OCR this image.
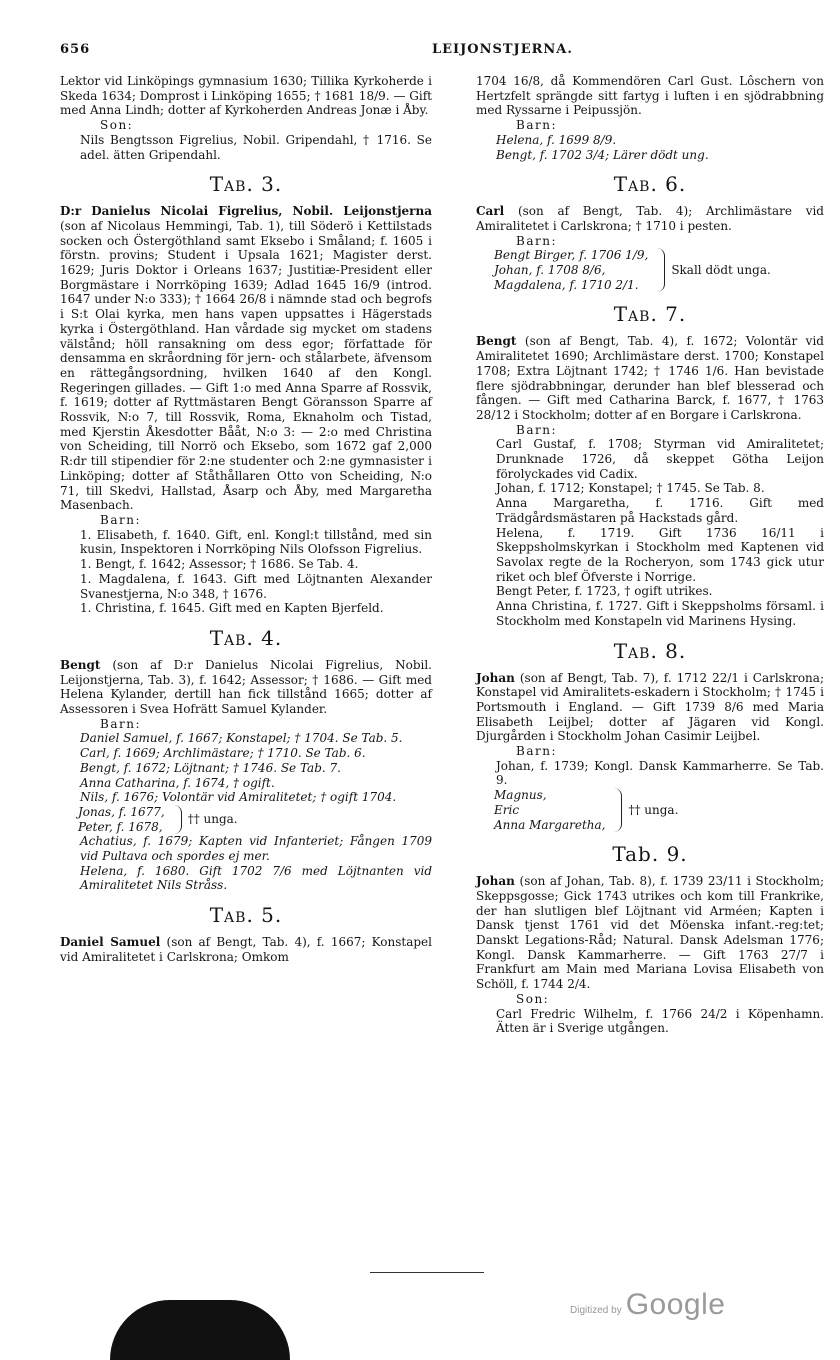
656	LEIJONSTJERNA.

Lektor vid Linköpings gymnasium 1630; Tillika Kyrkoherde i Skeda 1634; Domprost i Linköping 1655; † 1681 18/9. — Gift med Anna Lindh; dotter af Kyrkoherden Andreas Jonæ i Åby.

Son:

Nils Bengtsson Figrelius, Nobil. Gripendahl, † 1716. Se adel. ätten Gripendahl.

Tab. 3.

D:r Danielus Nicolai Figrelius, Nobil. Leijonstjerna (son af Nicolaus Hemmingi, Tab. 1), till Söderö i Kettilstads socken och Östergöthland samt Eksebo i Småland; f. 1605 i förstn. provins; Student i Upsala 1621; Magister derst. 1629; Juris Doktor i Orleans 1637; Justitiæ-President eller Borgmästare i Norrköping 1639; Adlad 1645 16/9 (introd. 1647 under N:o 333); † 1664 26/8 i nämnde stad och begrofs i S:t Olai kyrka, men hans vapen uppsattes i Hägerstads kyrka i Östergöthland. Han vårdade sig mycket om stadens välstånd; höll ransakning om dess egor; författade för densamma en skråordning för jern- och stålarbete, äfvensom en rättegångsordning, hvilken 1640 af den Kongl. Regeringen gillades. — Gift 1:o med Anna Sparre af Rossvik, f. 1619; dotter af Ryttmästaren Bengt Göransson Sparre af Rossvik, N:o 7, till Rossvik, Roma, Eknaholm och Tistad, med Kjerstin Åkesdotter Bååt, N:o 3: — 2:o med Christina von Scheiding, till Norrö och Eksebo, som 1672 gaf 2,000 R:dr till stipendier för 2:ne studenter och 2:ne gymnasister i Linköping; dotter af Ståthållaren Otto von Scheiding, N:o 71, till Skedvi, Hallstad, Åsarp och Åby, med Margaretha Masenbach.

Barn:

1. Elisabeth, f. 1640. Gift, enl. Kongl:t tillstånd, med sin kusin, Inspektoren i Norrköping Nils Olofsson Figrelius.

1. Bengt, f. 1642; Assessor; † 1686. Se Tab. 4.

1. Magdalena, f. 1643. Gift med Löjtnanten Alexander Svanestjerna, N:o 348, † 1676.

1. Christina, f. 1645. Gift med en Kapten Bjerfeld.

Tab. 4.

Bengt (son af D:r Danielus Nicolai Figrelius, Nobil. Leijonstjerna, Tab. 3), f. 1642; Assessor; † 1686. — Gift med Helena Kylander, dertill han fick tillstånd 1665; dotter af Assessoren i Svea Hofrätt Samuel Kylander.

Barn:

Daniel Samuel, f. 1667; Konstapel; † 1704. Se Tab. 5.

Carl, f. 1669; Archlimästare; † 1710. Se Tab. 6.

Bengt, f. 1672; Löjtnant; † 1746. Se Tab. 7.

Anna Catharina, f. 1674, † ogift.

Nils, f. 1676; Volontär vid Amiralitetet; † ogift 1704.

Jonas, f. 1677,
Peter, f. 1678,
†† unga.

Achatius, f. 1679; Kapten vid Infanteriet; Fången 1709 vid Pultava och spordes ej mer.

Helena, f. 1680. Gift 1702 7/6 med Löjtnanten vid Amiralitetet Nils Stråss.

Tab. 5.

Daniel Samuel (son af Bengt, Tab. 4), f. 1667; Konstapel vid Amiralitetet i Carlskrona; Omkom

1704 16/8, då Kommendören Carl Gust. Lôschern von Hertzfelt sprängde sitt fartyg i luften i en sjödrabbning med Ryssarne i Peipussjön.

Barn:

Helena, f. 1699 8/9.

Bengt, f. 1702 3/4; Lärer dödt ung.

Tab. 6.

Carl (son af Bengt, Tab. 4); Archlimästare vid Amiralitetet i Carlskrona; † 1710 i pesten.

Barn:

Bengt Birger, f. 1706 1/9,
Johan, f. 1708 8/6,
Magdalena, f. 1710 2/1.
Skall dödt unga.
Tab. 7.

Bengt (son af Bengt, Tab. 4), f. 1672; Volontär vid Amiralitetet 1690; Archlimästare derst. 1700; Konstapel 1708; Extra Löjtnant 1742; † 1746 1/6. Han bevistade flere sjödrabbningar, derunder han blef blesserad och fången. — Gift med Catharina Barck, f. 1677, † 1763 28/12 i Stockholm; dotter af en Borgare i Carlskrona.

Barn:

Carl Gustaf, f. 1708; Styrman vid Amiralitetet; Drunknade 1726, då skeppet Götha Leijon förolyckades vid Cadix.

Johan, f. 1712; Konstapel; † 1745. Se Tab. 8.

Anna Margaretha, f. 1716. Gift med Trädgårdsmästaren på Hackstads gård.

Helena, f. 1719. Gift 1736 16/11 i Skeppsholmskyrkan i Stockholm med Kaptenen vid Savolax regte de la Rocheryon, som 1743 gick utur riket och blef Öfverste i Norrige.

Bengt Peter, f. 1723, † ogift utrikes.

Anna Christina, f. 1727. Gift i Skeppsholms församl. i Stockholm med Konstapeln vid Marinens Hysing.

Tab. 8.

Johan (son af Bengt, Tab. 7), f. 1712 22/1 i Carlskrona; Konstapel vid Amiralitets-eskadern i Stockholm; † 1745 i Portsmouth i England. — Gift 1739 8/6 med Maria Elisabeth Leijbel; dotter af Jägaren vid Kongl. Djurgården i Stockholm Johan Casimir Leijbel.

Barn:

Johan, f. 1739; Kongl. Dansk Kammarherre. Se Tab. 9.

Magnus,
Eric
Anna Margaretha,
†† unga.
Tab. 9.

Johan (son af Johan, Tab. 8), f. 1739 23/11 i Stockholm; Skeppsgosse; Gick 1743 utrikes och kom till Frankrike, der han slutligen blef Löjtnant vid Arméen; Kapten i Dansk tjenst 1761 vid det Möenska infant.-reg:tet; Danskt Legations-Råd; Natural. Dansk Adelsman 1776; Kongl. Dansk Kammarherre. — Gift 1763 27/7 i Frankfurt am Main med Mariana Lovisa Elisabeth von Schöll, f. 1744 2/4.

Son:

Carl Fredric Wilhelm, f. 1766 24/2 i Köpenhamn. Ätten är i Sverige utgången.

Digitized by Google
